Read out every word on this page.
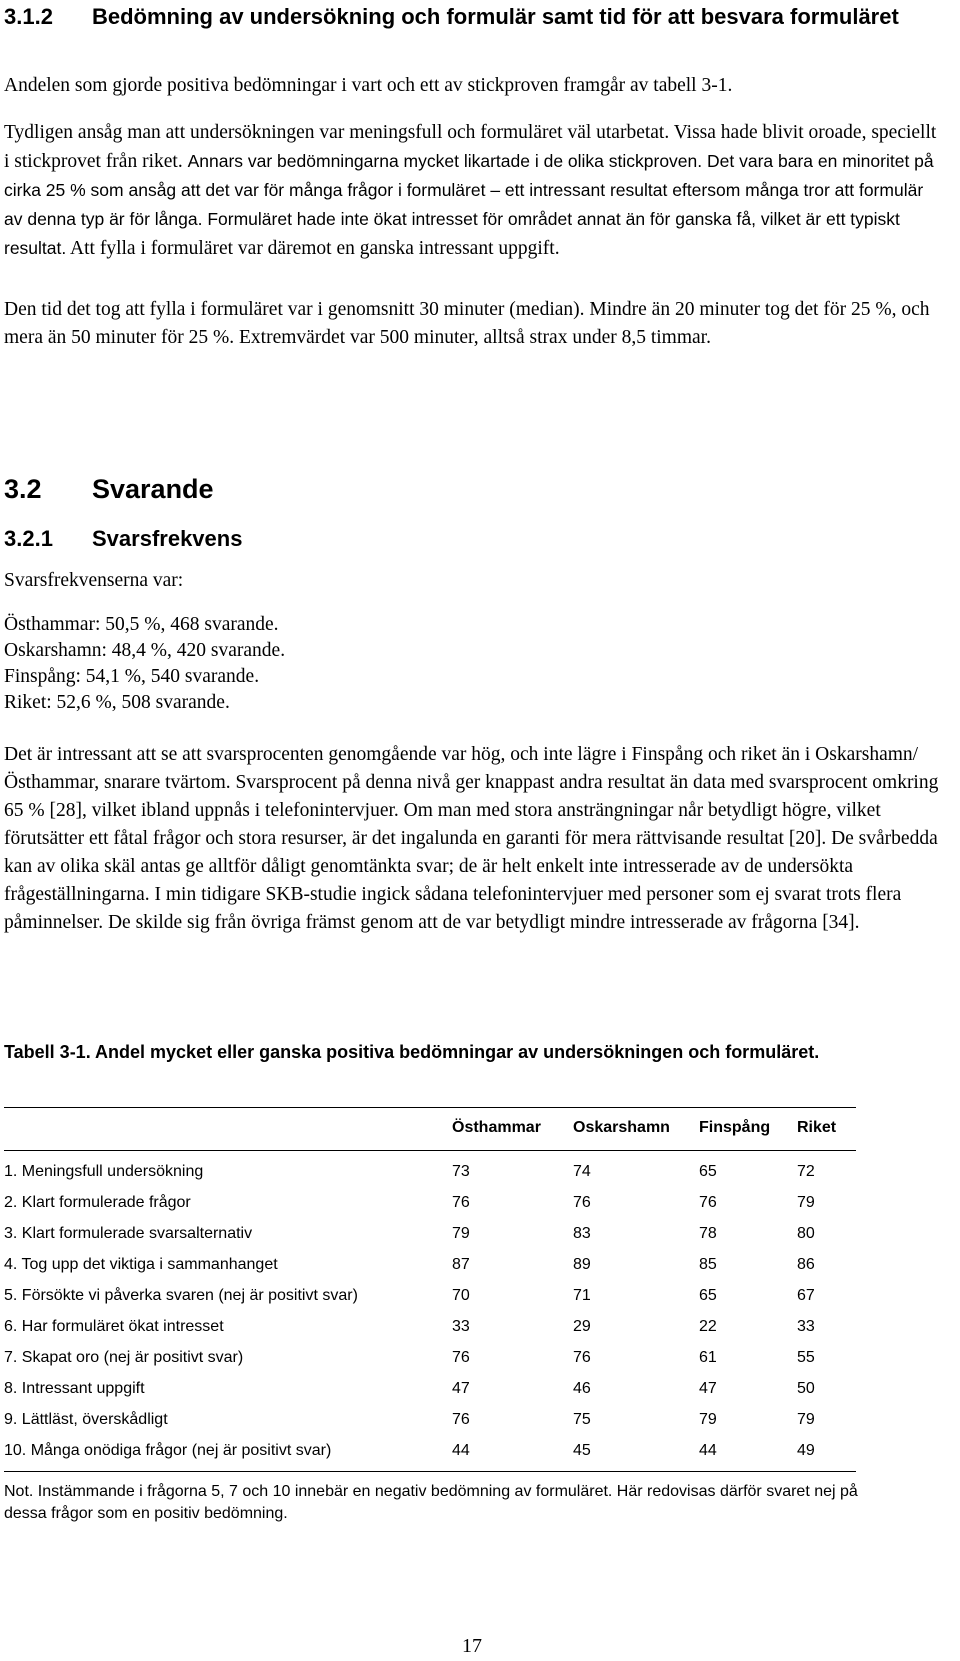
3.1.2	Bedömning av undersökning och formulär samt tid för att besvara formuläret

Andelen som gjorde positiva bedömningar i vart och ett av stickproven framgår av tabell 3-1.

Tydligen ansåg man att undersökningen var meningsfull och formuläret väl utarbetat. Vissa hade blivit oroade, speciellt i stickprovet från riket. Annars var bedömningarna mycket likartade i de olika stickproven. Det vara bara en minoritet på cirka 25 % som ansåg att det var för många frågor i formuläret – ett intressant resultat eftersom många tror att formulär av denna typ är för långa. Formuläret hade inte ökat intresset för området annat än för ganska få, vilket är ett typiskt resultat. Att fylla i formuläret var däremot en ganska intressant uppgift.

Den tid det tog att fylla i formuläret var i genomsnitt 30 minuter (median). Mindre än 20 minuter tog det för 25 %, och mera än 50 minuter för 25 %. Extremvärdet var 500 minuter, alltså strax under 8,5 timmar.

3.2	Svarande
3.2.1	Svarsfrekvens

Svarsfrekvenserna var:

Östhammar: 50,5 %, 468 svarande.
Oskarshamn: 48,4 %, 420 svarande.
Finspång: 54,1 %, 540 svarande.
Riket: 52,6 %, 508 svarande.

Det är intressant att se att svarsprocenten genomgående var hög, och inte lägre i Finspång och riket än i Oskarshamn/Östhammar, snarare tvärtom. Svarsprocent på denna nivå ger knappast andra resultat än data med svarsprocent omkring 65 % [28], vilket ibland uppnås i telefonintervjuer. Om man med stora ansträngningar når betydligt högre, vilket förutsätter ett fåtal frågor och stora resurser, är det ingalunda en garanti för mera rättvisande resultat [20]. De svårbedda kan av olika skäl antas ge alltför dåligt genomtänkta svar; de är helt enkelt inte intresserade av de undersökta frågeställningarna. I min tidigare SKB-studie ingick sådana telefonintervjuer med personer som ej svarat trots flera påminnelser. De skilde sig från övriga främst genom att de var betydligt mindre intresserade av frågorna [34].

Tabell 3-1. Andel mycket eller ganska positiva bedömningar av undersökningen och formuläret.
Östhammar Oskarshamn Finspång Riket
1. Meningsfull undersökning	73	74	65	72
2. Klart formulerade frågor	76	76	76	79
3. Klart formulerade svarsalternativ	79	83	78	80
4. Tog upp det viktiga i sammanhanget	87	89	85	86
5. Försökte vi påverka svaren (nej är positivt svar)	70	71	65	67
6. Har formuläret ökat intresset	33	29	22	33
7. Skapat oro (nej är positivt svar)	76	76	61	55
8. Intressant uppgift	47	46	47	50
9. Lättläst, överskådligt	76	75	79	79
10. Många onödiga frågor (nej är positivt svar)	44	45	44	49
Not. Instämmande i frågorna 5, 7 och 10 innebär en negativ bedömning av formuläret. Här redovisas därför svaret nej på dessa frågor som en positiv bedömning.
17
